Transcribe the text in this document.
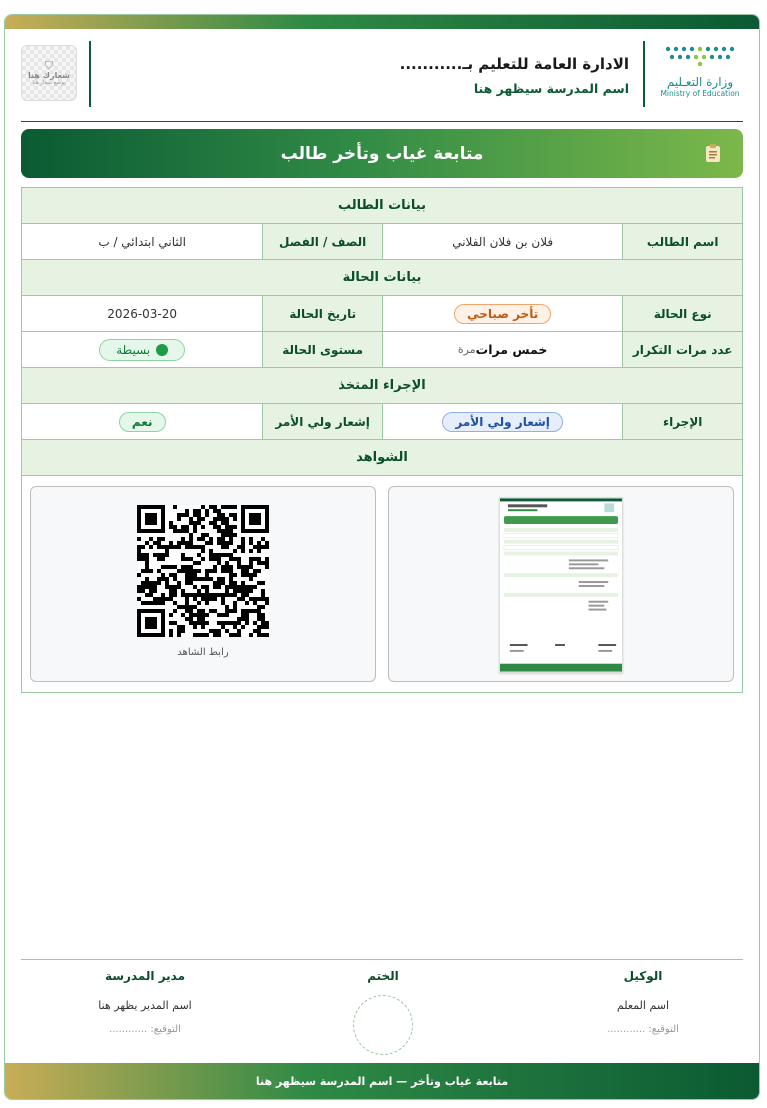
وزارة التعـليم
Ministry of Education
الادارة العامة للتعليم بـ...........
اسم المدرسة سيظهر هنا
⛉
شعارك هنا
يوضع شعار هنا
متابعة غياب وتأخر طالب
بيانات الطالب
اسم الطالب
فلان بن فلان الفلاني
الصف / الفصل
الثاني ابتدائي / ب
بيانات الحالة
نوع الحالة
تأخر صباحي
تاريخ الحالة
2026-03-20
عدد مرات التكرار
خمس مرات
مرة
مستوى الحالة
بسيطة
الإجراء المتخذ
الإجراء
إشعار ولي الأمر
إشعار ولي الأمر
نعم
الشواهد
رابط الشاهد
الوكيل
اسم المعلم
التوقيع: ............
الختم
مدير المدرسة
اسم المدير يظهر هنا
التوقيع: ............
متابعة غياب وتأخر — اسم المدرسة سيظهر هنا
